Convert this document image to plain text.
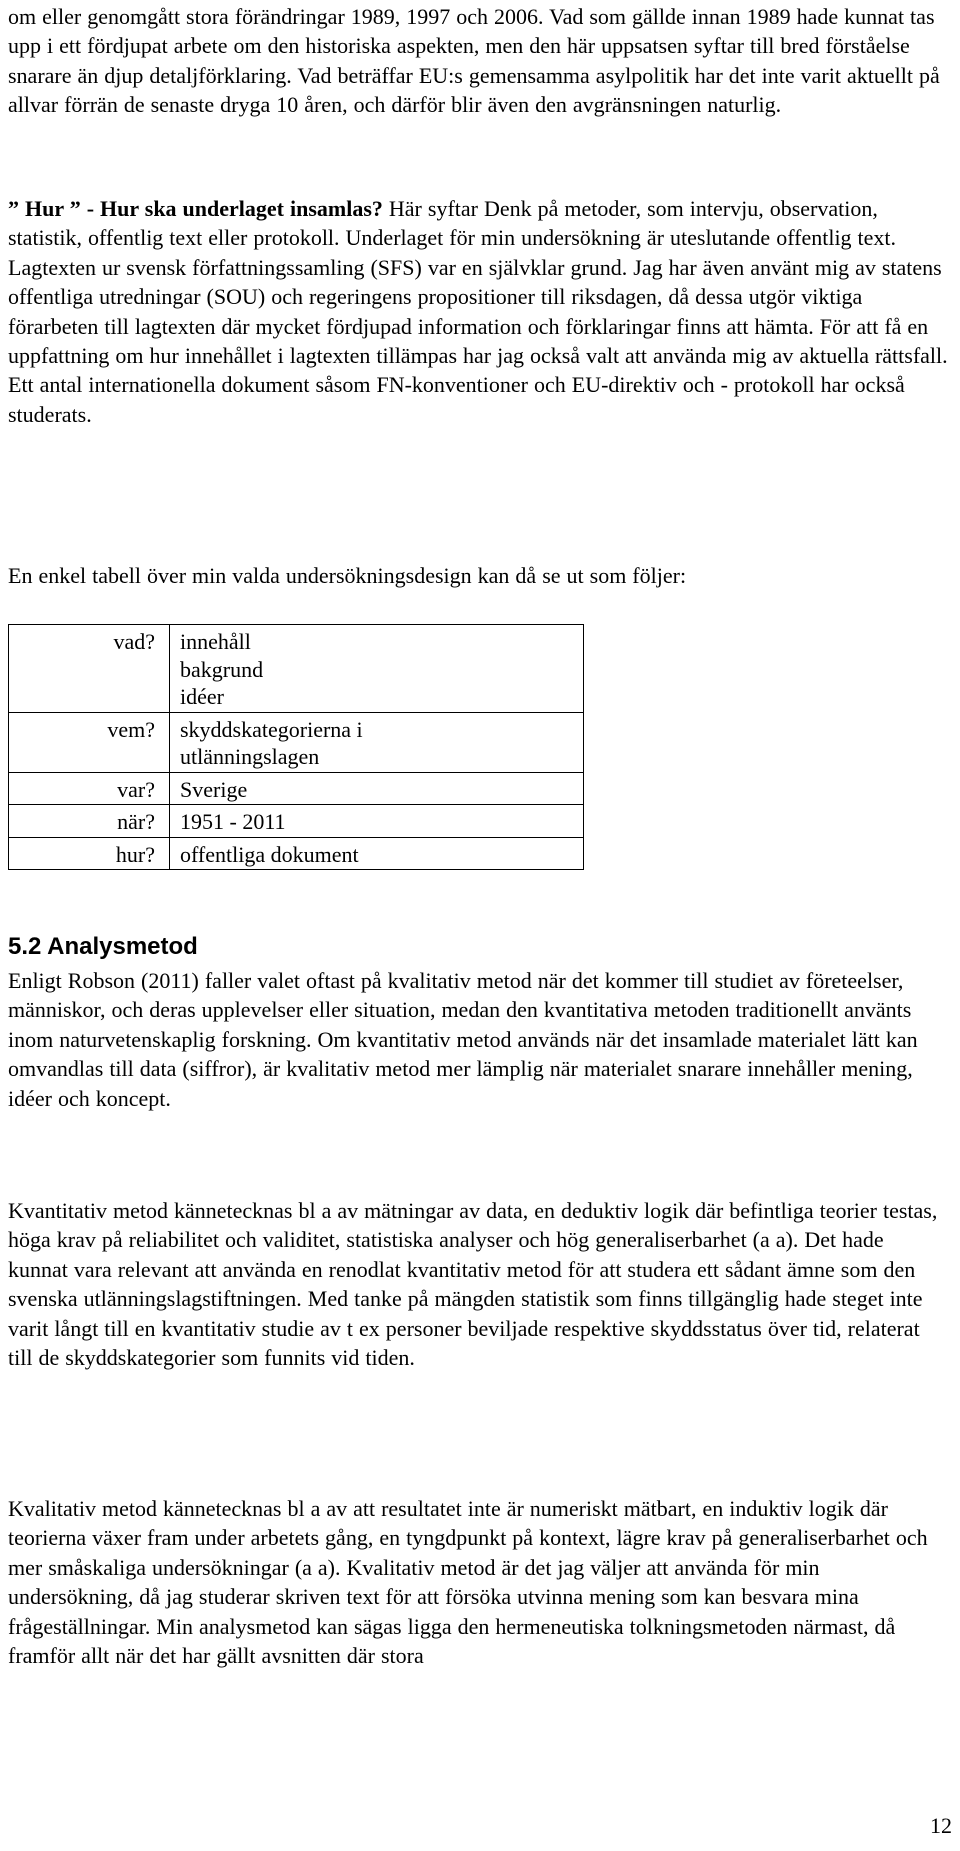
om eller genomgått stora förändringar 1989, 1997 och 2006. Vad som gällde innan 1989 hade kunnat tas upp i ett fördjupat arbete om den historiska aspekten, men den här uppsatsen syftar till bred förståelse snarare än djup detaljförklaring. Vad beträffar EU:s gemensamma asylpolitik har det inte varit aktuellt på allvar förrän de senaste dryga 10 åren, och därför blir även den avgränsningen naturlig.

” Hur ” - Hur ska underlaget insamlas? Här syftar Denk på metoder, som intervju, observation, statistik, offentlig text eller protokoll. Underlaget för min undersökning är uteslutande offentlig text. Lagtexten ur svensk författningssamling (SFS) var en självklar grund. Jag har även använt mig av statens offentliga utredningar (SOU) och regeringens propositioner till riksdagen, då dessa utgör viktiga förarbeten till lagtexten där mycket fördjupad information och förklaringar finns att hämta. För att få en uppfattning om hur innehållet i lagtexten tillämpas har jag också valt att använda mig av aktuella rättsfall. Ett antal internationella dokument såsom FN-konventioner och EU-direktiv och - protokoll har också studerats.

En enkel tabell över min valda undersökningsdesign kan då se ut som följer:

vad?	innehåll
bakgrund
idéer

vem?	skyddskategorierna i
utlänningslagen

var?	Sverige

när?	1951 - 2011

hur?	offentliga dokument
5.2 Analysmetod

Enligt Robson (2011) faller valet oftast på kvalitativ metod när det kommer till studiet av företeelser, människor, och deras upplevelser eller situation, medan den kvantitativa metoden traditionellt använts inom naturvetenskaplig forskning. Om kvantitativ metod används när det insamlade materialet lätt kan omvandlas till data (siffror), är kvalitativ metod mer lämplig när materialet snarare innehåller mening, idéer och koncept.

Kvantitativ metod kännetecknas bl a av mätningar av data, en deduktiv logik där befintliga teorier testas, höga krav på reliabilitet och validitet, statistiska analyser och hög generaliserbarhet (a a). Det hade kunnat vara relevant att använda en renodlat kvantitativ metod för att studera ett sådant ämne som den svenska utlänningslagstiftningen. Med tanke på mängden statistik som finns tillgänglig hade steget inte varit långt till en kvantitativ studie av t ex personer beviljade respektive skyddsstatus över tid, relaterat till de skyddskategorier som funnits vid tiden.

Kvalitativ metod kännetecknas bl a av att resultatet inte är numeriskt mätbart, en induktiv logik där teorierna växer fram under arbetets gång, en tyngdpunkt på kontext, lägre krav på generaliserbarhet och mer småskaliga undersökningar (a a). Kvalitativ metod är det jag väljer att använda för min undersökning, då jag studerar skriven text för att försöka utvinna mening som kan besvara mina frågeställningar. Min analysmetod kan sägas ligga den hermeneutiska tolkningsmetoden närmast, då framför allt när det har gällt avsnitten där stora

12
